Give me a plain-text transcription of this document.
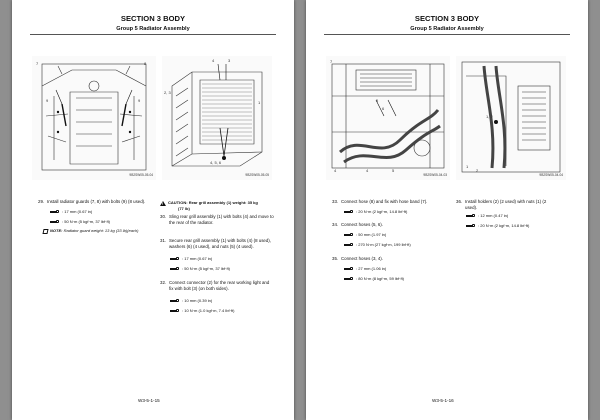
SECTION 3 BODY
Group 5 Radiator Assembly
7	8
9	9
9B2SW05-05-04
4	3
2, 3
1
4, 5, 6
9B2SW05-05-05
29. Install radiator guards (7, 8) with bolts (9) (8 used).
: 17 mm (0.67 in)
: 50 N·m (5 kgf·m, 37 lbf·ft)
NOTE: Radiator guard weight: 13 kg (33 lb)(each)
!
CAUTION: Rear grill assembly (1) weight: 35 kg
(77 lb)
30. Sling rear grill assembly (1) with bolts (4) and move to the rear of the radiator.
31. Secure rear grill assembly (1) with bolts (4) (8 used),
washers (6) (4 used), and nuts (5) (4 used).
: 17 mm (0.67 in)
: 50 N·m (5 kgf·m, 37 lbf·ft)
32. Connect connector (2) for the rear working light and
fix with bolt (3) (on both sides).
: 10 mm (0.39 in)
: 10 N·m (1.0 kgf·m, 7.4 lbf·ft)
W3-5-1-15
SECTION 3 BODY
Group 5 Radiator Assembly
5
6
7
4	4	5
9B2SW05-04-03
1, 2
1
2
9B2SW05-04-04
33. Connect hose (8) and fix with hose band (7).
: 20 N·m (2 kgf·m, 14.8 lbf·ft)
34. Connect hoses (5, 6).
: 50 mm (1.97 in)
: 270 N·m (27 kgf·m, 199 lbf·ft)
35. Connect hoses (3, 4).
: 27 mm (1.06 in)
: 80 N·m (8 kgf·m, 59 lbf·ft)
36. Install holders (2) (2 used) with nuts (1) (2
used).
: 12 mm (0.47 in)
: 20 N·m (2 kgf·m, 14.8 lbf·ft)
W3-5-1-16
